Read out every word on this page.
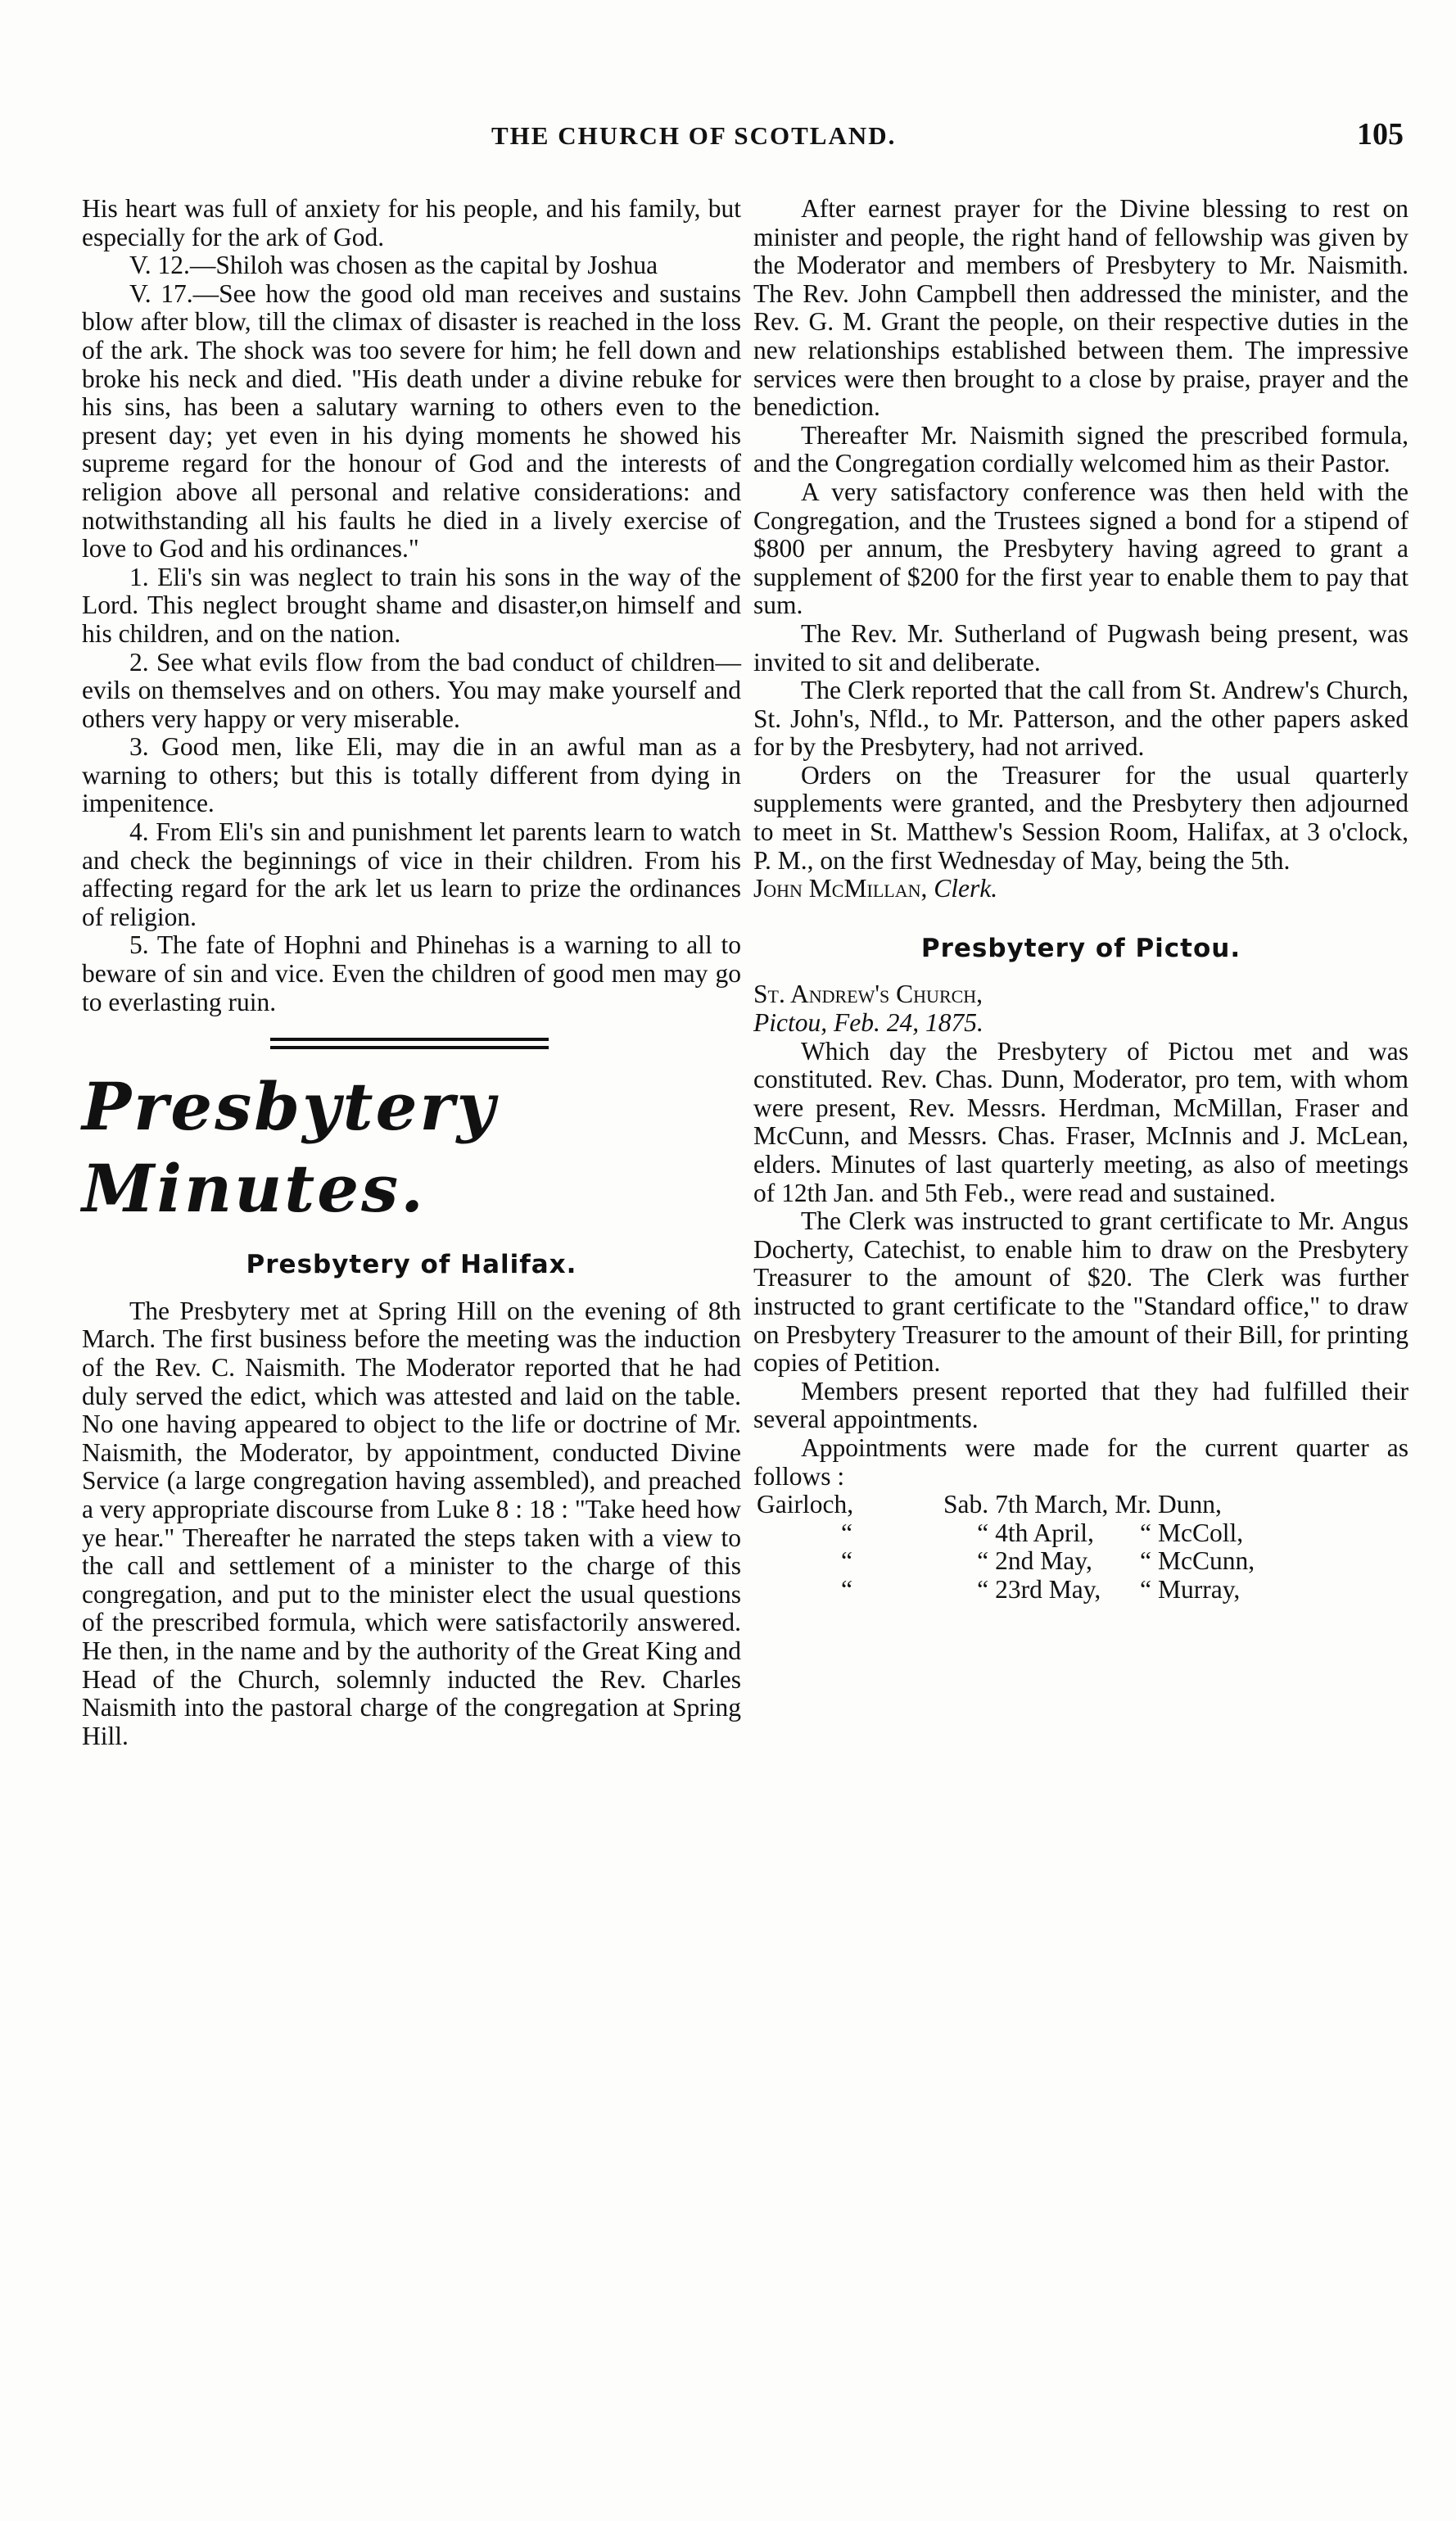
THE CHURCH OF SCOTLAND.	105

His heart was full of anxiety for his people, and his family, but especially for the ark of God.

V. 12.—Shiloh was chosen as the capital by Joshua

V. 17.—See how the good old man receives and sustains blow after blow, till the climax of disaster is reached in the loss of the ark. The shock was too severe for him; he fell down and broke his neck and died. "His death under a divine rebuke for his sins, has been a salutary warning to others even to the present day; yet even in his dying moments he showed his supreme regard for the honour of God and the interests of religion above all personal and relative considerations: and notwithstanding all his faults he died in a lively exercise of love to God and his ordinances."

1. Eli's sin was neglect to train his sons in the way of the Lord. This neglect brought shame and disaster,on himself and his children, and on the nation.

2. See what evils flow from the bad conduct of children—evils on themselves and on others. You may make yourself and others very happy or very miserable.

3. Good men, like Eli, may die in an awful man as a warning to others; but this is totally different from dying in impenitence.

4. From Eli's sin and punishment let parents learn to watch and check the beginnings of vice in their children. From his affecting regard for the ark let us learn to prize the ordinances of religion.

5. The fate of Hophni and Phinehas is a warning to all to beware of sin and vice. Even the children of good men may go to everlasting ruin.

Presbytery Minutes.
Presbytery of Halifax.

The Presbytery met at Spring Hill on the evening of 8th March. The first business before the meeting was the induction of the Rev. C. Naismith. The Moderator reported that he had duly served the edict, which was attested and laid on the table. No one having appeared to object to the life or doctrine of Mr. Naismith, the Moderator, by appointment, conducted Divine Service (a large congregation having assembled), and preached a very appropriate discourse from Luke 8 : 18 : "Take heed how ye hear." Thereafter he narrated the steps taken with a view to the call and settlement of a minister to the charge of this congregation, and put to the minister elect the usual questions of the prescribed formula, which were satisfactorily answered. He then, in the name and by the authority of the Great King and Head of the Church, solemnly inducted the Rev. Charles Naismith into the pastoral charge of the congregation at Spring Hill.

After earnest prayer for the Divine blessing to rest on minister and people, the right hand of fellowship was given by the Moderator and members of Presbytery to Mr. Naismith. The Rev. John Campbell then addressed the minister, and the Rev. G. M. Grant the people, on their respective duties in the new relationships established between them. The impressive services were then brought to a close by praise, prayer and the benediction.

Thereafter Mr. Naismith signed the prescribed formula, and the Congregation cordially welcomed him as their Pastor.

A very satisfactory conference was then held with the Congregation, and the Trustees signed a bond for a stipend of $800 per annum, the Presbytery having agreed to grant a supplement of $200 for the first year to enable them to pay that sum.

The Rev. Mr. Sutherland of Pugwash being present, was invited to sit and deliberate.

The Clerk reported that the call from St. Andrew's Church, St. John's, Nfld., to Mr. Patterson, and the other papers asked for by the Presbytery, had not arrived.

Orders on the Treasurer for the usual quarterly supplements were granted, and the Presbytery then adjourned to meet in St. Matthew's Session Room, Halifax, at 3 o'clock, P. M., on the first Wednesday of May, being the 5th.

John McMillan, Clerk.

Presbytery of Pictou.

St. Andrew's Church,

Pictou, Feb. 24, 1875.

Which day the Presbytery of Pictou met and was constituted. Rev. Chas. Dunn, Moderator, pro tem, with whom were present, Rev. Messrs. Herdman, McMillan, Fraser and McCunn, and Messrs. Chas. Fraser, McInnis and J. McLean, elders. Minutes of last quarterly meeting, as also of meetings of 12th Jan. and 5th Feb., were read and sustained.

The Clerk was instructed to grant certificate to Mr. Angus Docherty, Catechist, to enable him to draw on the Presbytery Treasurer to the amount of $20. The Clerk was further instructed to grant certificate to the "Standard office," to draw on Presbytery Treasurer to the amount of their Bill, for printing copies of Petition.

Members present reported that they had fulfilled their several appointments.

Appointments were made for the current quarter as follows :

Gairloch,	Sab.	7th March,	Mr.	Dunn,
“	“	4th April,	“	McColl,
“	“	2nd May,	“	McCunn,
“	“	23rd May,	“	Murray,
